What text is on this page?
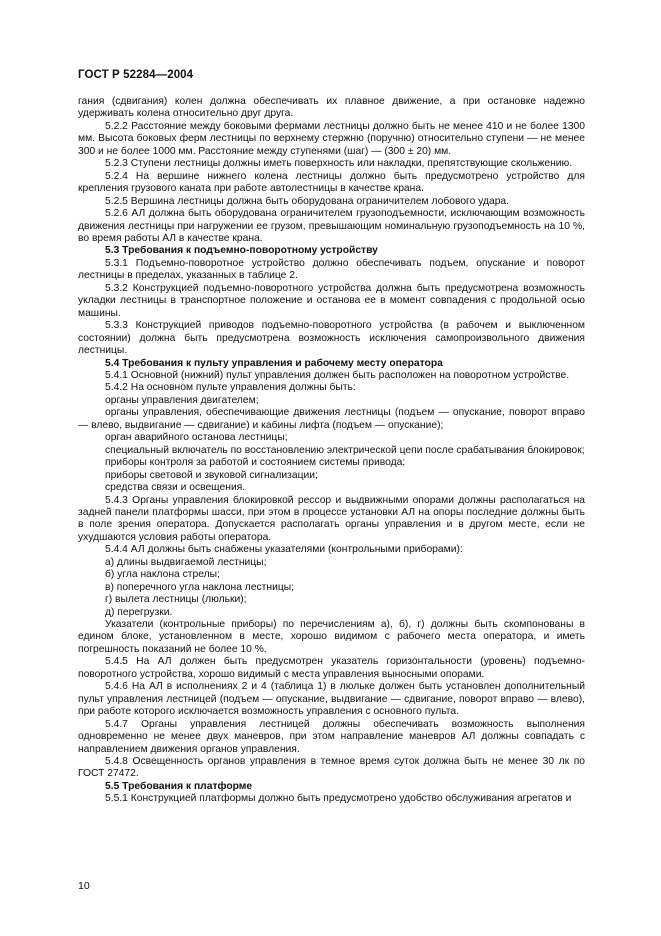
ГОСТ Р 52284—2004

гания (сдвигания) колен должна обеспечивать их плавное движение, а при остановке надежно удерживать колена относительно друг друга.

5.2.2 Расстояние между боковыми фермами лестницы должно быть не менее 410 и не более 1300 мм. Высота боковых ферм лестницы по верхнему стержню (поручню) относительно ступени — не менее 300 и не более 1000 мм. Расстояние между ступенями (шаг) — (300 ± 20) мм.

5.2.3 Ступени лестницы должны иметь поверхность или накладки, препятствующие скольжению.

5.2.4 На вершине нижнего колена лестницы должно быть предусмотрено устройство для крепления грузового каната при работе автолестницы в качестве крана.

5.2.5 Вершина лестницы должна быть оборудована ограничителем лобового удара.

5.2.6 АЛ должна быть оборудована ограничителем грузоподъемности, исключающим возможность движения лестницы при нагружении ее грузом, превышающим номинальную грузоподъемность на 10 %, во время работы АЛ в качестве крана.

5.3 Требования к подъемно-поворотному устройству

5.3.1 Подъемно-поворотное устройство должно обеспечивать подъем, опускание и поворот лестницы в пределах, указанных в таблице 2.

5.3.2 Конструкцией подъемно-поворотного устройства должна быть предусмотрена возможность укладки лестницы в транспортное положение и останова ее в момент совпадения с продольной осью машины.

5.3.3 Конструкцией приводов подъемно-поворотного устройства (в рабочем и выключенном состоянии) должна быть предусмотрена возможность исключения самопроизвольного движения лестницы.

5.4 Требования к пульту управления и рабочему месту оператора

5.4.1 Основной (нижний) пульт управления должен быть расположен на поворотном устройстве.

5.4.2 На основном пульте управления должны быть:

органы управления двигателем;

органы управления, обеспечивающие движения лестницы (подъем — опускание, поворот вправо — влево, выдвигание — сдвигание) и кабины лифта (подъем — опускание);

орган аварийного останова лестницы;

специальный включатель по восстановлению электрической цепи после срабатывания блокировок;

приборы контроля за работой и состоянием системы привода;

приборы световой и звуковой сигнализации;

средства связи и освещения.

5.4.3 Органы управления блокировкой рессор и выдвижными опорами должны располагаться на задней панели платформы шасси, при этом в процессе установки АЛ на опоры последние должны быть в поле зрения оператора. Допускается располагать органы управления и в другом месте, если не ухудшаются условия работы оператора.

5.4.4 АЛ должны быть снабжены указателями (контрольными приборами):

а) длины выдвигаемой лестницы;

б) угла наклона стрелы;

в) поперечного угла наклона лестницы;

г) вылета лестницы (люльки);

д) перегрузки.

Указатели (контрольные приборы) по перечислениям а), б), г) должны быть скомпонованы в едином блоке, установленном в месте, хорошо видимом с рабочего места оператора, и иметь погрешность показаний не более 10 %.

5.4.5 На АЛ должен быть предусмотрен указатель горизонтальности (уровень) подъемно-поворотного устройства, хорошо видимый с места управления выносными опорами.

5.4.6 На АЛ в исполнениях 2 и 4 (таблица 1) в люльке должен быть установлен дополнительный пульт управления лестницей (подъем — опускание, выдвигание — сдвигание, поворот вправо — влево), при работе которого исключается возможность управления с основного пульта.

5.4.7 Органы управления лестницей должны обеспечивать возможность выполнения одновременно не менее двух маневров, при этом направление маневров АЛ должны совпадать с направлением движения органов управления.

5.4.8 Освещенность органов управления в темное время суток должна быть не менее 30 лк по ГОСТ 27472.

5.5 Требования к платформе

5.5.1 Конструкцией платформы должно быть предусмотрено удобство обслуживания агрегатов и

10
